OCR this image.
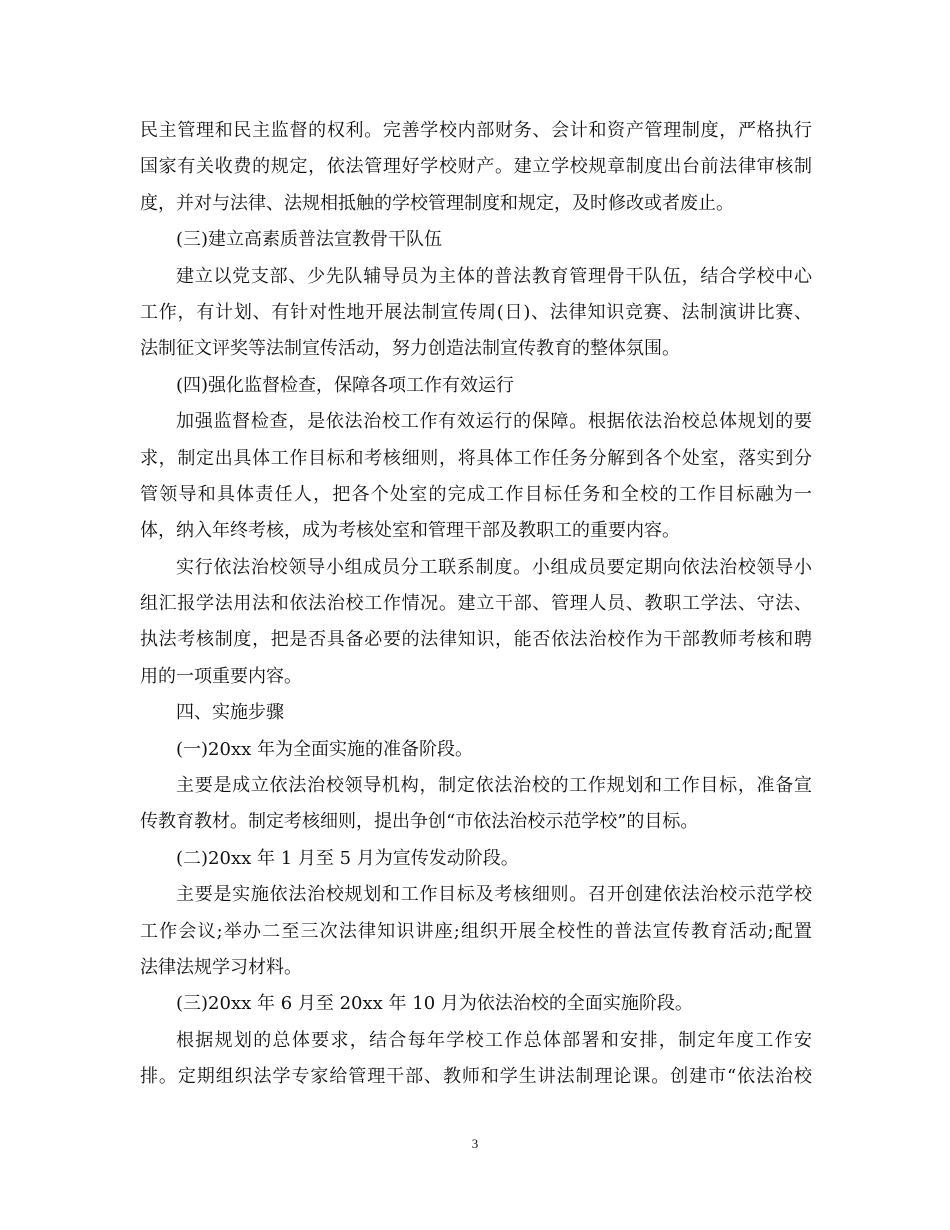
民主管理和民主监督的权利。完善学校内部财务、会计和资产管理制度，严格执行
国家有关收费的规定，依法管理好学校财产。建立学校规章制度出台前法律审核制
度，并对与法律、法规相抵触的学校管理制度和规定，及时修改或者废止。
(三)建立高素质普法宣教骨干队伍
建立以党支部、少先队辅导员为主体的普法教育管理骨干队伍，结合学校中心
工作，有计划、有针对性地开展法制宣传周(日)、法律知识竞赛、法制演讲比赛、
法制征文评奖等法制宣传活动，努力创造法制宣传教育的整体氛围。
(四)强化监督检查，保障各项工作有效运行
加强监督检查，是依法治校工作有效运行的保障。根据依法治校总体规划的要
求，制定出具体工作目标和考核细则，将具体工作任务分解到各个处室，落实到分
管领导和具体责任人，把各个处室的完成工作目标任务和全校的工作目标融为一
体，纳入年终考核，成为考核处室和管理干部及教职工的重要内容。
实行依法治校领导小组成员分工联系制度。小组成员要定期向依法治校领导小
组汇报学法用法和依法治校工作情况。建立干部、管理人员、教职工学法、守法、
执法考核制度，把是否具备必要的法律知识，能否依法治校作为干部教师考核和聘
用的一项重要内容。
四、实施步骤
(一)20xx 年为全面实施的准备阶段。
主要是成立依法治校领导机构，制定依法治校的工作规划和工作目标，准备宣
传教育教材。制定考核细则，提出争创“市依法治校示范学校”的目标。
(二)20xx 年 1 月至 5 月为宣传发动阶段。
主要是实施依法治校规划和工作目标及考核细则。召开创建依法治校示范学校
工作会议;举办二至三次法律知识讲座;组织开展全校性的普法宣传教育活动;配置
法律法规学习材料。
(三)20xx 年 6 月至 20xx 年 10 月为依法治校的全面实施阶段。
根据规划的总体要求，结合每年学校工作总体部署和安排，制定年度工作安
排。定期组织法学专家给管理干部、教师和学生讲法制理论课。创建市“依法治校
3
